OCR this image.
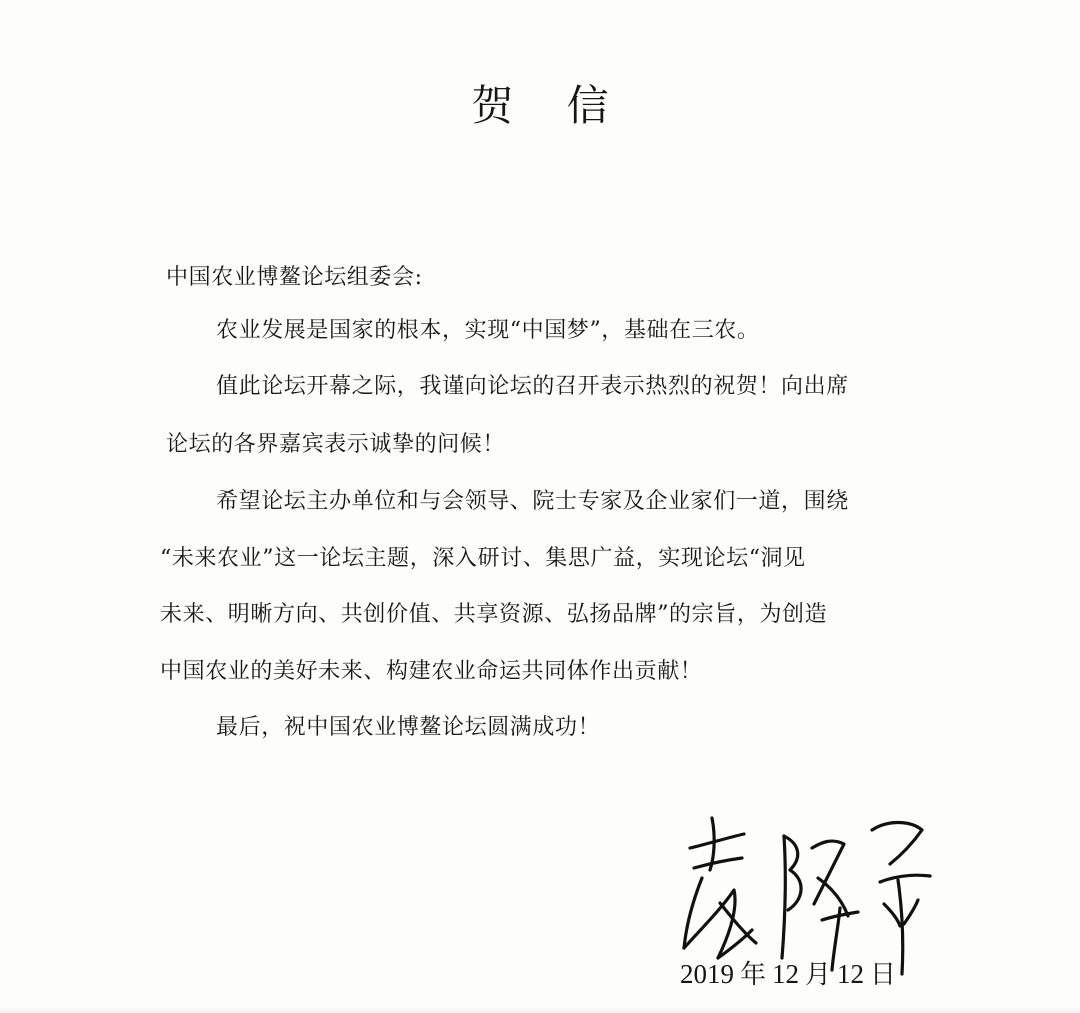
贺 信
中国农业博鳌论坛组委会:
农业发展是国家的根本，实现“中国梦”，基础在三农。
值此论坛开幕之际，我谨向论坛的召开表示热烈的祝贺！向出席
论坛的各界嘉宾表示诚挚的问候！
希望论坛主办单位和与会领导、院士专家及企业家们一道，围绕
“未来农业”这一论坛主题，深入研讨、集思广益，实现论坛“洞见
未来、明晰方向、共创价值、共享资源、弘扬品牌”的宗旨，为创造
中国农业的美好未来、构建农业命运共同体作出贡献！
最后，祝中国农业博鳌论坛圆满成功！
2019 年 12 月 12 日
